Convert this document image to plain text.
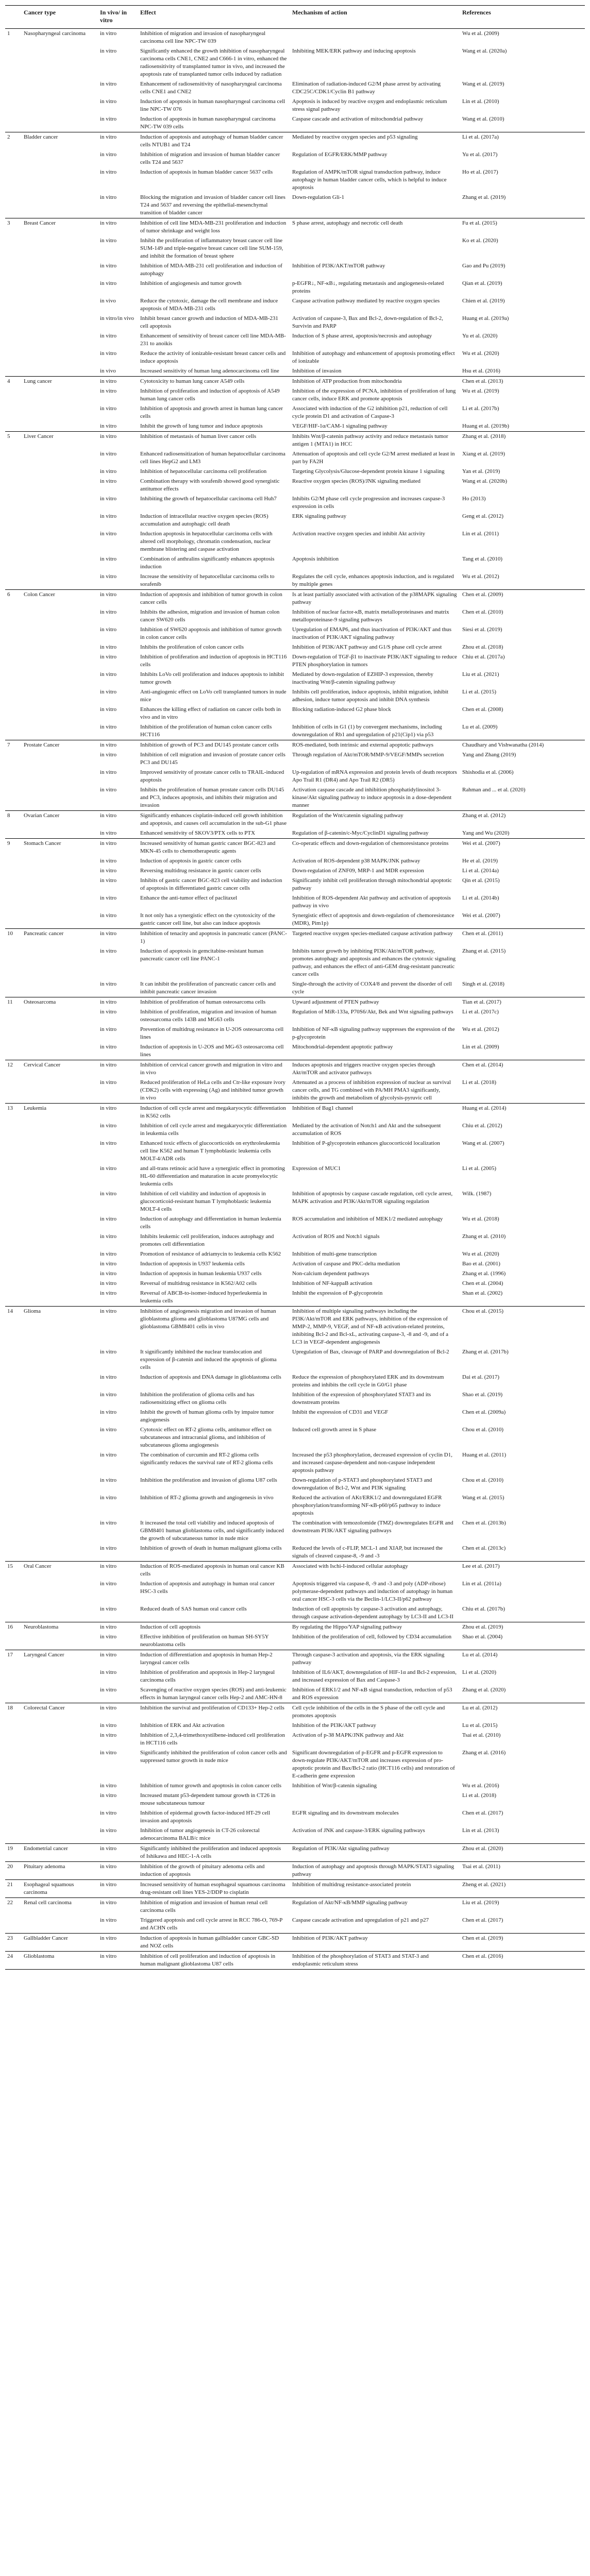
	Cancer type	In vivo/ in vitro	Effect	Mechanism of action	References
1	Nasopharyngeal carcinoma	in vitro	Inhibition of migration and invasion of nasopharyngeal carcinoma cell line NPC-TW 039		Wu et al. (2009)
		in vitro	Significantly enhanced the growth inhibition of nasopharyngeal carcinoma cells CNE1, CNE2 and C666-1 in vitro, enhanced the radiosensitivity of transplanted tumor in vivo, and increased the apoptosis rate of transplanted tumor cells induced by radiation	Inhibiting MEK/ERK pathway and inducing apoptosis	Wang et al. (2020a)
		in vitro	Enhancement of radiosensitivity of nasopharyngeal carcinoma cells CNE1 and CNE2	Elimination of radiation-induced G2/M phase arrest by activating CDC25C/CDK1/Cyclin B1 pathway	Wang et al. (2019)
		in vitro	Induction of apoptosis in human nasopharyngeal carcinoma cell line NPC-TW 076	Apoptosis is induced by reactive oxygen and endoplasmic reticulum stress signal pathway	Lin et al. (2010)
		in vitro	Induction of apoptosis in human nasopharyngeal carcinoma NPC-TW 039 cells	Caspase cascade and activation of mitochondrial pathway	Wang et al. (2010)
2	Bladder cancer	in vitro	Induction of apoptosis and autophagy of human bladder cancer cells NTUB1 and T24	Mediated by reactive oxygen species and p53 signaling	Li et al. (2017a)
		in vitro	Inhibition of migration and invasion of human bladder cancer cells T24 and 5637	Regulation of EGFR/ERK/MMP pathway	Yu et al. (2017)
		in vitro	Induction of apoptosis in human bladder cancer 5637 cells	Regulation of AMPK/mTOR signal transduction pathway, induce autophagy in human bladder cancer cells, which is helpful to induce apoptosis	Ho et al. (2017)
		in vitro	Blocking the migration and invasion of bladder cancer cell lines T24 and 5637 and reversing the epithelial-mesenchymal transition of bladder cancer	Down-regulation Gli-1	Zhang et al. (2019)
3	Breast Cancer	in vitro	Inhibition of cell line MDA-MB-231 proliferation and induction of tumor shrinkage and weight loss	S phase arrest, autophagy and necrotic cell death	Fu et al. (2015)
		in vitro	Inhibit the proliferation of inflammatory breast cancer cell line SUM-149 and triple-negative breast cancer cell line SUM-159, and inhibit the formation of breast sphere		Ko et al. (2020)
		in vitro	Inhibition of MDA-MB-231 cell proliferation and induction of autophagy	Inhibition of PI3K/AKT/mTOR pathway	Gao and Pu (2019)
		in vitro	Inhibition of angiogenesis and tumor growth	p-EGFR↓, NF-κB↓, regulating metastasis and angiogenesis-related proteins	Qian et al. (2019)
		in vivo	Reduce the cytotoxic, damage the cell membrane and induce apoptosis of MDA-MB-231 cells	Caspase activation pathway mediated by reactive oxygen species	Chien et al. (2019)
		in vitro/in vivo	Inhibit breast cancer growth and induction of MDA-MB-231 cell apoptosis	Activation of caspase-3, Bax and Bcl-2, down-regulation of Bcl-2, Survivin and PARP	Huang et al. (2019a)
		in vitro	Enhancement of sensitivity of breast cancer cell line MDA-MB-231 to anoikis	Induction of S phase arrest, apoptosis/necrosis and autophagy	Yu et al. (2020)
		in vitro	Reduce the activity of ionizable-resistant breast cancer cells and induce apoptosis	Inhibition of autophagy and enhancement of apoptosis promoting effect of ionizable	Wu et al. (2020)
		in vivo	Increased sensitivity of human lung adenocarcinoma cell line	Inhibition of invasion	Hsu et al. (2016)
4	Lung cancer	in vitro	Cytotoxicity to human lung cancer A549 cells	Inhibition of ATP production from mitochondria	Chen et al. (2013)
		in vitro	Inhibition of proliferation and induction of apoptosis of A549 human lung cancer cells	Inhibition of the expression of PCNA, inhibition of proliferation of lung cancer cells, induce ERK and promote apoptosis	Wu et al. (2019)
		in vitro	Inhibition of apoptosis and growth arrest in human lung cancer cells	Associated with induction of the G2 inhibition p21, reduction of cell cycle protein D1 and activation of Caspase-3	Li et al. (2017b)
		in vitro	Inhibit the growth of lung tumor and induce apoptosis	VEGF/HIF-1α/CAM-1 signaling pathway	Huang et al. (2019b)
5	Liver Cancer	in vitro	Inhibition of metastasis of human liver cancer cells	Inhibits Wnt/β-catenin pathway activity and reduce metastasis tumor antigen 1 (MTA1) in HCC	Zhang et al. (2018)
		in vitro	Enhanced radiosensitization of human hepatocellular carcinoma cell lines HepG2 and LM3	Attenuation of apoptosis and cell cycle G2/M arrest mediated at least in part by FA2H	Xiang et al. (2019)
		in vitro	Inhibition of hepatocellular carcinoma cell proliferation	Targeting Glycolysis/Glucose-dependent protein kinase 1 signaling	Yan et al. (2019)
		in vitro	Combination therapy with sorafenib showed good synergistic antitumor effects	Reactive oxygen species (ROS)/JNK signaling mediated	Wang et al. (2020b)
		in vitro	Inhibiting the growth of hepatocellular carcinoma cell Huh7	Inhibits G2/M phase cell cycle progression and increases caspase-3 expression in cells	Ho (2013)
		in vitro	Induction of intracellular reactive oxygen species (ROS) accumulation and autophagic cell death	ERK signaling pathway	Geng et al. (2012)
		in vitro	Induction apoptosis in hepatocellular carcinoma cells with altered cell morphology, chromatin condensation, nuclear membrane blistering and caspase activation	Activation reactive oxygen species and inhibit Akt activity	Lin et al. (2011)
		in vitro	Combination of anthralins significantly enhances apoptosis induction	Apoptosis inhibition	Tang et al. (2010)
		in vitro	Increase the sensitivity of hepatocellular carcinoma cells to sorafenib	Regulates the cell cycle, enhances apoptosis induction, and is regulated by multiple genes	Wu et al. (2012)
6	Colon Cancer	in vitro	Induction of apoptosis and inhibition of tumor growth in colon cancer cells	Is at least partially associated with activation of the p38MAPK signaling pathway	Chen et al. (2009)
		in vitro	Inhibits the adhesion, migration and invasion of human colon cancer SW620 cells	Inhibition of nuclear factor-κB, matrix metalloproteinases and matrix metalloproteinase-9 signaling pathways	Chen et al. (2010)
		in vitro	Inhibition of SW620 apoptosis and inhibition of tumor growth in colon cancer cells	Upregulation of EMAP6, and thus inactivation of PI3K/AKT and thus inactivation of PI3K/AKT signaling pathway	Siesi et al. (2019)
		in vitro	Inhibits the proliferation of colon cancer cells	Inhibition of PI3K/AKT pathway and G1/S phase cell cycle arrest	Zhou et al. (2018)
		in vitro	Inhibition of proliferation and induction of apoptosis in HCT116 cells	Down-regulation of TGF-β1 to inactivate PI3K/AKT signaling to reduce PTEN phosphorylation in tumors	Chiu et al. (2017a)
		in vitro	Inhibits LoVo cell proliferation and induces apoptosis to inhibit tumor growth	Mediated by down-regulation of EZHIP-3 expression, thereby inactivating Wnt/β-catenin signaling pathway	Liu et al. (2021)
		in vitro	Anti-angiogenic effect on LoVo cell transplanted tumors in nude mice	Inhibits cell proliferation, induce apoptosis, inhibit migration, inhibit adhesion, induce tumor apoptosis and inhibit DNA synthesis	Li et al. (2015)
		in vitro	Enhances the killing effect of radiation on cancer cells both in vivo and in vitro	Blocking radiation-induced G2 phase block	Chen et al. (2008)
		in vitro	Inhibition of the proliferation of human colon cancer cells HCT116	Inhibition of cells in G1 (1) by convergent mechanisms, including downregulation of Rb1 and upregulation of p21(Cip1) via p53	Lu et al. (2009)
7	Prostate Cancer	in vitro	Inhibition of growth of PC3 and DU145 prostate cancer cells	ROS-mediated, both intrinsic and external apoptotic pathways	Chaudhary and Vishwanatha (2014)
		in vitro	Inhibition of cell migration and invasion of prostate cancer cells PC3 and DU145	Through regulation of Akt/mTOR/MMP-9/VEGF/MMPs secretion	Yang and Zhang (2019)
		in vitro	Improved sensitivity of prostate cancer cells to TRAIL-induced apoptosis	Up-regulation of mRNA expression and protein levels of death receptors Apo Trail R1 (DR4) and Apo Trail R2 (DR5)	Shishodia et al. (2006)
		in vitro	Inhibits the proliferation of human prostate cancer cells DU145 and PC3, induces apoptosis, and inhibits their migration and invasion	Activation caspase cascade and inhibition phosphatidylinositol 3-kinase/Akt signaling pathway to induce apoptosis in a dose-dependent manner	Rahman and ... et al. (2020)
8	Ovarian Cancer	in vitro	Significantly enhances cisplatin-induced cell growth inhibition and apoptosis, and causes cell accumulation in the sub-G1 phase	Regulation of the Wnt/catenin signaling pathway	Zhang et al. (2012)
		in vitro	Enhanced sensitivity of SKOV3/PTX cells to PTX	Regulation of β-catenin/c-Myc/CyclinD1 signaling pathway	Yang and Wu (2020)
9	Stomach Cancer	in vitro	Increased sensitivity of human gastric cancer BGC-823 and MKN-45 cells to chemotherapeutic agents	Co-operatic effects and down-regulation of chemoresistance proteins	Wei et al. (2007)
		in vitro	Induction of apoptosis in gastric cancer cells	Activation of ROS-dependent p38 MAPK/JNK pathway	He et al. (2019)
		in vitro	Reversing multidrug resistance in gastric cancer cells	Down-regulation of ZNF09, MRP-1 and MDR expression	Li et al. (2014a)
		in vitro	Inhibits of gastric cancer BGC-823 cell viability and induction of apoptosis in differentiated gastric cancer cells	Significantly inhibit cell proliferation through mitochondrial apoptotic pathway	Qin et al. (2015)
		in vitro	Enhance the anti-tumor effect of paclitaxel	Inhibition of ROS-dependent Akt pathway and activation of apoptosis pathway in vivo	Li et al. (2014b)
		in vitro	It not only has a synergistic effect on the cytotoxicity of the gastric cancer cell line, but also can induce apoptosis	Synergistic effect of apoptosis and down-regulation of chemoresistance (MDR), Pim1p)	Wei et al. (2007)
10	Pancreatic cancer	in vitro	Inhibition of tenacity and apoptosis in pancreatic cancer (PANC-1)	Targeted reactive oxygen species-mediated caspase activation pathway	Chen et al. (2011)
		in vitro	Induction of apoptosis in gemcitabine-resistant human pancreatic cancer cell line PANC-1	Inhibits tumor growth by inhibiting PI3K/Akt/mTOR pathway, promotes autophagy and apoptosis and enhances the cytotoxic signaling pathway, and enhances the effect of anti-GEM drug-resistant pancreatic cancer cells	Zhang et al. (2015)
		in vitro	It can inhibit the proliferation of pancreatic cancer cells and inhibit pancreatic cancer invasion	Single-through the activity of COX4/8 and prevent the disorder of cell cycle	Singh et al. (2018)
11	Osteosarcoma	in vitro	Inhibition of proliferation of human osteosarcoma cells	Upward adjustment of PTEN pathway	Tian et al. (2017)
		in vitro	Inhibition of proliferation, migration and invasion of human osteosarcoma cells 143B and MG63 cells	Regulation of MiR-133a, P70S6/Akt, Bek and Wnt signaling pathways	Li et al. (2017c)
		in vitro	Prevention of multidrug resistance in U-2OS osteosarcoma cell lines	Inhibition of NF-κB signaling pathway suppresses the expression of the p-glycoprotein	Wu et al. (2012)
		in vitro	Induction of apoptosis in U-2OS and MG-63 osteosarcoma cell lines	Mitochondrial-dependent apoptotic pathway	Lin et al. (2009)
12	Cervical Cancer	in vitro	Inhibition of cervical cancer growth and migration in vitro and in vivo	Induces apoptosis and triggers reactive oxygen species through Akt/mTOR and activator pathways	Chen et al. (2014)
		in vitro	Reduced proliferation of HeLa cells and Ctr-like exposure ivory (CDK2) cells with expressing (Ag) and inhibited tumor growth in vivo	Attenuated as a process of inhibition expression of nuclear as survival cancer cells, and TG combined with PA/MH PMA3 significantly, inhibits the growth and metabolism of glycolysis-pyruvic cell	Li et al. (2018)
13	Leukemia	in vitro	Induction of cell cycle arrest and megakaryocytic differentiation in K562 cells	Inhibition of Bag1 channel	Huang et al. (2014)
		in vitro	Inhibition of cell cycle arrest and megakaryocytic differentiation in leukemia cells	Mediated by the activation of Notch1 and Akt and the subsequent accumulation of ROS	Chiu et al. (2012)
		in vitro	Enhanced toxic effects of glucocorticoids on erythroleukemia cell line K562 and human T lymphoblastic leukemia cells MOLT-4/ADR cells	Inhibition of P-glycoprotein enhances glucocorticoid localization	Wang et al. (2007)
		in vitro	and all-trans retinoic acid have a synergistic effect in promoting HL-60 differentiation and maturation in acute promyelocytic leukemia cells	Expression of MUC1	Li et al. (2005)
		in vitro	Inhibition of cell viability and induction of apoptosis in glucocorticoid-resistant human T lymphoblastic leukemia MOLT-4 cells	Inhibition of apoptosis by caspase cascade regulation, cell cycle arrest, MAPK activation and PI3K/Akt/mTOR signaling regulation	Wilk. (1987)
		in vitro	Induction of autophagy and differentiation in human leukemia cells	ROS accumulation and inhibition of MEK1/2 mediated autophagy	Wu et al. (2018)
		in vitro	Inhibits leukemic cell proliferation, induces autophagy and promotes cell differentiation	Activation of ROS and Notch1 signals	Zhang et al. (2010)
		in vitro	Promotion of resistance of adriamycin to leukemia cells K562	Inhibition of multi-gene transcription	Wu et al. (2020)
		in vitro	Induction of apoptosis in U937 leukemia cells	Activation of caspase and PKC-delta mediation	Bao et al. (2001)
		in vitro	Induction of apoptosis in human leukemia U937 cells	Non-calcium dependent pathways	Zhang et al. (1996)
		in vitro	Reversal of multidrug resistance in K562/A02 cells	Inhibition of NF-kappaB activation	Chen et al. (2004)
		in vitro	Reversal of ABCB-to-isomer-induced hyperleukemia in leukemia cells	Inhibit the expression of P-glycoprotein	Shan et al. (2002)
14	Glioma	in vitro	Inhibition of angiogenesis migration and invasion of human glioblastoma glioma and glioblastoma U87MG cells and glioblastoma GBM8401 cells in vivo	Inhibition of multiple signaling pathways including the PI3K/Akt/mTOR and ERK pathways, inhibition of the expression of MMP-2, MMP-9, VEGF, and of NF-κB activation-related proteins, inhibiting Bcl-2 and Bcl-xL, activating caspase-3, -8 and -9, and of a LC3 in VEGF-dependent angiogenesis	Chou et al. (2015)
		in vitro	It significantly inhibited the nuclear translocation and expression of β-catenin and induced the apoptosis of glioma cells	Upregulation of Bax, cleavage of PARP and downregulation of Bcl-2	Zhang et al. (2017b)
		in vitro	Induction of apoptosis and DNA damage in glioblastoma cells	Reduce the expression of phosphorylated ERK and its downstream proteins and inhibits the cell cycle in G0/G1 phase	Dai et al. (2017)
		in vitro	Inhibition the proliferation of glioma cells and has radiosensitizing effect on glioma cells	Inhibition of the expression of phosphorylated STAT3 and its downstream proteins	Shao et al. (2019)
		in vitro	Inhibit the growth of human glioma cells by impaire tumor angiogenesis	Inhibit the expression of CD31 and VEGF	Chen et al. (2009a)
		in vitro	Cytotoxic effect on RT-2 glioma cells, antitumor effect on subcutaneous and intracranial glioma, and inhibition of subcutaneous glioma angiogenesis	Induced cell growth arrest in S phase	Chou et al. (2010)
		in vitro	The combination of curcumin and RT-2 glioma cells significantly reduces the survival rate of RT-2 glioma cells	Increased the p53 phosphorylation, decreased expression of cyclin D1, and increased caspase-dependent and non-caspase independent apoptosis pathway	Huang et al. (2011)
		in vitro	Inhibition the proliferation and invasion of glioma U87 cells	Down-regulation of p-STAT3 and phosphorylated STAT3 and downregulation of Bcl-2, Wnt and PI3K signaling	Chou et al. (2010)
		in vitro	Inhibition of RT-2 glioma growth and angiogenesis in vivo	Reduced the activation of AKt/ERK1/2 and downregulated EGFR phosphorylation/transforming NF-κB-p60/p65 pathway to induce apoptosis	Wang et al. (2015)
		in vitro	It increased the total cell viability and induced apoptosis of GBM8401 human glioblastoma cells, and significantly induced the growth of subcutaneous tumor in nude mice	The combination with temozolomide (TMZ) downregulates EGFR and downstream PI3K/AKT signaling pathways	Chen et al. (2013b)
		in vitro	Inhibition of growth of death in human malignant glioma cells	Reduced the levels of c-FLIP, MCL-1 and XIAP, but increased the signals of cleaved caspase-8, -9 and -3	Chen et al. (2013c)
15	Oral Cancer	in vitro	Induction of ROS-mediated apoptosis in human oral cancer KB cells	Associated with Ischi-I-induced cellular autophagy	Lee et al. (2017)
		in vitro	Induction of apoptosis and autophagy in human oral cancer HSC-3 cells	Apoptosis triggered via caspase-8, -9 and -3 and poly (ADP-ribose) polymerase-dependent pathways and induction of autophagy in human oral cancer HSC-3 cells via the Beclin-1/LC3-II/p62 pathway	Lin et al. (2011a)
		in vitro	Reduced death of SAS human oral cancer cells	Induction of cell apoptosis by caspase-3 activation and autophagy, through caspase activation-dependent autophagy by LC3-II and LC3-II	Chiu et al. (2017b)
16	Neuroblastoma	in vitro	Induction of cell apoptosis	By regulating the Hippo/YAP signaling pathway	Zhou et al. (2019)
		in vitro	Effective inhibition of proliferation on human SH-SY5Y neuroblastoma cells	Inhibition of the proliferation of cell, followed by CD34 accumulation	Shao et al. (2004)
17	Laryngeal Cancer	in vitro	Induction of differentiation and apoptosis in human Hep-2 laryngeal cancer cells	Through caspase-3 activation and apoptosis, via the ERK signaling pathway	Lu et al. (2014)
		in vitro	Inhibition of proliferation and apoptosis in Hep-2 laryngeal carcinoma cells	Inhibition of IL6/AKT, downregulation of HIF-1α and Bcl-2 expression, and increased expression of Bax and Caspase-3	Li et al. (2020)
		in vitro	Scavenging of reactive oxygen species (ROS) and anti-leukemic effects in human laryngeal cancer cells Hep-2 and AMC-HN-8	Inhibition of ERK1/2 and NF-κB signal transduction, reduction of p53 and ROS expression	Zhang et al. (2020)
18	Colorectal Cancer	in vitro	Inhibition the survival and proliferation of CD133+ Hep-2 cells	Cell cycle inhibition of the cells in the S phase of the cell cycle and promotes apoptosis	Lu et al. (2012)
		in vitro	Inhibition of ERK and Akt activation	Inhibition of the PI3K/AKT pathway	Lu et al. (2015)
		in vitro	Inhibition of 2,3,4-trimethoxystilbene-induced cell proliferation in HCT116 cells	Activation of p-38 MAPK/JNK pathway and Akt	Tsai et al. (2010)
		in vitro	Significantly inhibited the proliferation of colon cancer cells and suppressed tumor growth in nude mice	Significant downregulation of p-EGFR and p-EGFR expression to down-regulate PI3K/AKT/mTOR and increases expression of pro-apoptotic protein and Bax/Bcl-2 ratio (HCT116 cells) and restoration of E-cadherin gene expression	Zhang et al. (2016)
		in vitro	Inhibition of tumor growth and apoptosis in colon cancer cells	Inhibition of Wnt/β-catenin signaling	Wu et al. (2016)
		in vitro	Increased mutant p53-dependent tumour growth in CT26 in mouse subcutaneous tumour		Li et al. (2018)
		in vitro	Inhibition of epidermal growth factor-induced HT-29 cell invasion and apoptosis	EGFR signaling and its downstream molecules	Chen et al. (2017)
		in vitro	Inhibition of tumor angiogenesis in CT-26 colorectal adenocarcinoma BALB/c mice	Activation of JNK and caspase-3/ERK signaling pathways	Lin et al. (2013)
19	Endometrial cancer	in vitro	Significantly inhibited the proliferation and induced apoptosis of Ishikawa and HEC-1-A cells	Regulation of PI3K/Akt signaling pathway	Zhou et al. (2020)
20	Pituitary adenoma	in vitro	Inhibition of the growth of pituitary adenoma cells and induction of apoptosis	Induction of autophagy and apoptosis through MAPK/STAT3 signaling pathway	Tsai et al. (2011)
21	Esophageal squamous carcinoma	in vitro	Increased sensitivity of human esophageal squamous carcinoma drug-resistant cell lines YES-2/DDP to cisplatin	Inhibition of multidrug resistance-associated protein	Zheng et al. (2021)
22	Renal cell carcinoma	in vitro	Inhibition of migration and invasion of human renal cell carcinoma cells	Regulation of Akt/NF-κB/MMP signaling pathway	Liu et al. (2019)
		in vitro	Triggered apoptosis and cell cycle arrest in RCC 786-O, 769-P and ACHN cells	Caspase cascade activation and upregulation of p21 and p27	Chen et al. (2017)
23	Gallbladder Cancer	in vitro	Induction of apoptosis in human gallbladder cancer GBC-SD and NOZ cells	Inhibition of PI3K/AKT pathway	Chen et al. (2019)
24	Glioblastoma	in vitro	Inhibition of cell proliferation and induction of apoptosis in human malignant glioblastoma U87 cells	Inhibition of the phosphorylation of STAT3 and STAT-3 and endoplasmic reticulum stress	Chen et al. (2016)
